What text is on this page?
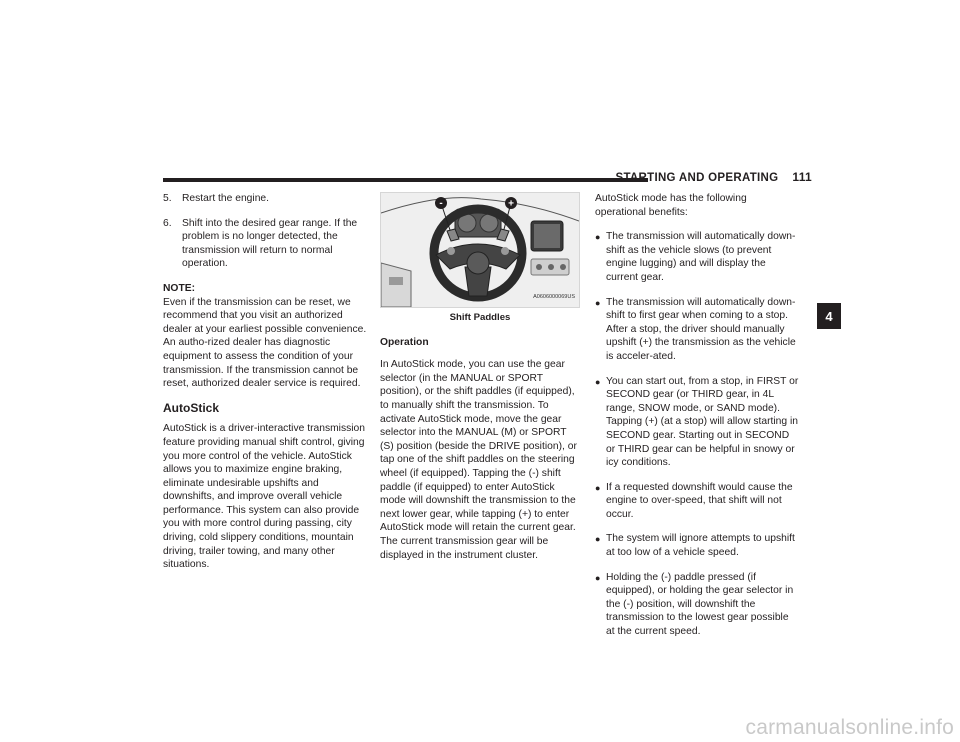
STARTING AND OPERATING 111
5.	Restart the engine.
6.	Shift into the desired gear range. If the problem is no longer detected, the transmission will return to normal operation.

NOTE:

Even if the transmission can be reset, we recommend that you visit an authorized dealer at your earliest possible convenience. An autho-rized dealer has diagnostic equipment to assess the condition of your transmission. If the transmission cannot be reset, authorized dealer service is required.

AutoStick

AutoStick is a driver-interactive transmission feature providing manual shift control, giving you more control of the vehicle. AutoStick allows you to maximize engine braking, eliminate undesirable upshifts and downshifts, and improve overall vehicle performance. This system can also provide you with more control during passing, city driving, cold slippery conditions, mountain driving, trailer towing, and many other situations.

-	+
A0606000069US
Shift Paddles
Operation

In AutoStick mode, you can use the gear selector (in the MANUAL or SPORT position), or the shift paddles (if equipped), to manually shift the transmission. To activate AutoStick mode, move the gear selector into the MANUAL (M) or SPORT (S) position (beside the DRIVE position), or tap one of the shift paddles on the steering wheel (if equipped). Tapping the (-) shift paddle (if equipped) to enter AutoStick mode will downshift the transmission to the next lower gear, while tapping (+) to enter AutoStick mode will retain the current gear. The current transmission gear will be displayed in the instrument cluster.

AutoStick mode has the following operational benefits:

● The transmission will automatically down-shift as the vehicle slows (to prevent engine lugging) and will display the current gear.
● The transmission will automatically down-shift to first gear when coming to a stop. After a stop, the driver should manually upshift (+) the transmission as the vehicle is acceler-ated.
● You can start out, from a stop, in FIRST or SECOND gear (or THIRD gear, in 4L range, SNOW mode, or SAND mode). Tapping (+) (at a stop) will allow starting in SECOND gear. Starting out in SECOND or THIRD gear can be helpful in snowy or icy conditions.
● If a requested downshift would cause the engine to over-speed, that shift will not occur.
● The system will ignore attempts to upshift at too low of a vehicle speed.
● Holding the (-) paddle pressed (if equipped), or holding the gear selector in the (-) position, will downshift the transmission to the lowest gear possible at the current speed.
4
carmanualsonline.info
